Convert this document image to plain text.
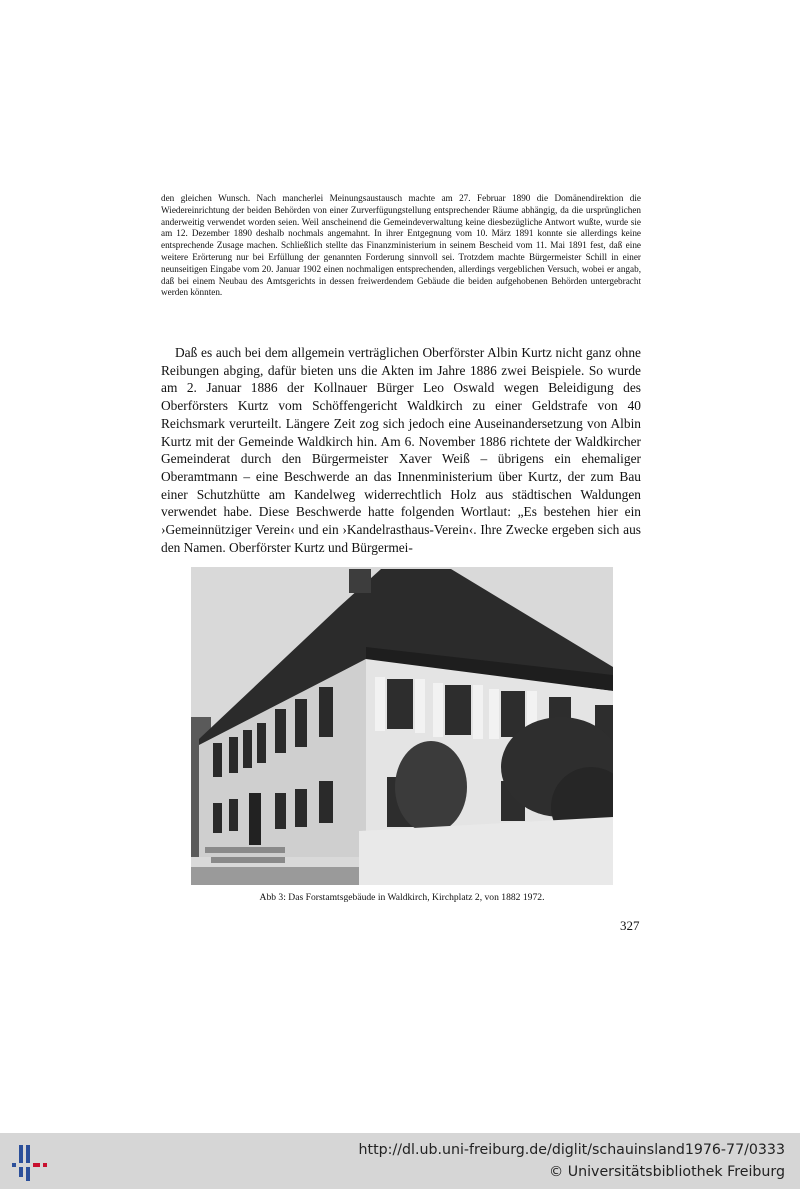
den gleichen Wunsch. Nach mancherlei Meinungsaustausch machte am 27. Februar 1890 die Domänendirektion die Wiedereinrichtung der beiden Behörden von einer Zurverfügungstellung entsprechender Räume abhängig, da die ursprünglichen anderweitig verwendet worden seien. Weil anscheinend die Gemeindeverwaltung keine diesbezügliche Antwort wußte, wurde sie am 12. Dezember 1890 deshalb nochmals angemahnt. In ihrer Entgegnung vom 10. März 1891 konnte sie allerdings keine entsprechende Zusage machen. Schließlich stellte das Finanzministerium in seinem Bescheid vom 11. Mai 1891 fest, daß eine weitere Erörterung nur bei Erfüllung der genannten Forderung sinnvoll sei. Trotzdem machte Bürgermeister Schill in einer neunseitigen Eingabe vom 20. Januar 1902 einen nochmaligen entsprechenden, allerdings vergeblichen Versuch, wobei er angab, daß bei einem Neubau des Amtsgerichts in dessen freiwerdendem Gebäude die beiden aufgehobenen Behörden untergebracht werden könnten.

Daß es auch bei dem allgemein verträglichen Oberförster Albin Kurtz nicht ganz ohne Reibungen abging, dafür bieten uns die Akten im Jahre 1886 zwei Beispiele. So wurde am 2. Januar 1886 der Kollnauer Bürger Leo Oswald wegen Beleidigung des Oberförsters Kurtz vom Schöffengericht Waldkirch zu einer Geldstrafe von 40 Reichsmark verurteilt. Längere Zeit zog sich jedoch eine Auseinandersetzung von Albin Kurtz mit der Gemeinde Waldkirch hin. Am 6. November 1886 richtete der Waldkircher Gemeinderat durch den Bürgermeister Xaver Weiß – übrigens ein ehemaliger Oberamtmann – eine Beschwerde an das Innenministerium über Kurtz, der zum Bau einer Schutzhütte am Kandelweg widerrechtlich Holz aus städtischen Waldungen verwendet habe. Diese Beschwerde hatte folgenden Wortlaut: „Es bestehen hier ein ›Gemeinnütziger Verein‹ und ein ›Kandelrasthaus-Verein‹. Ihre Zwecke ergeben sich aus den Namen. Oberförster Kurtz und Bürgermei-

Abb 3: Das Forstamtsgebäude in Waldkirch, Kirchplatz 2, von 1882 1972.
327
http://dl.ub.uni-freiburg.de/diglit/schauinsland1976-77/0333
© Universitätsbibliothek Freiburg
